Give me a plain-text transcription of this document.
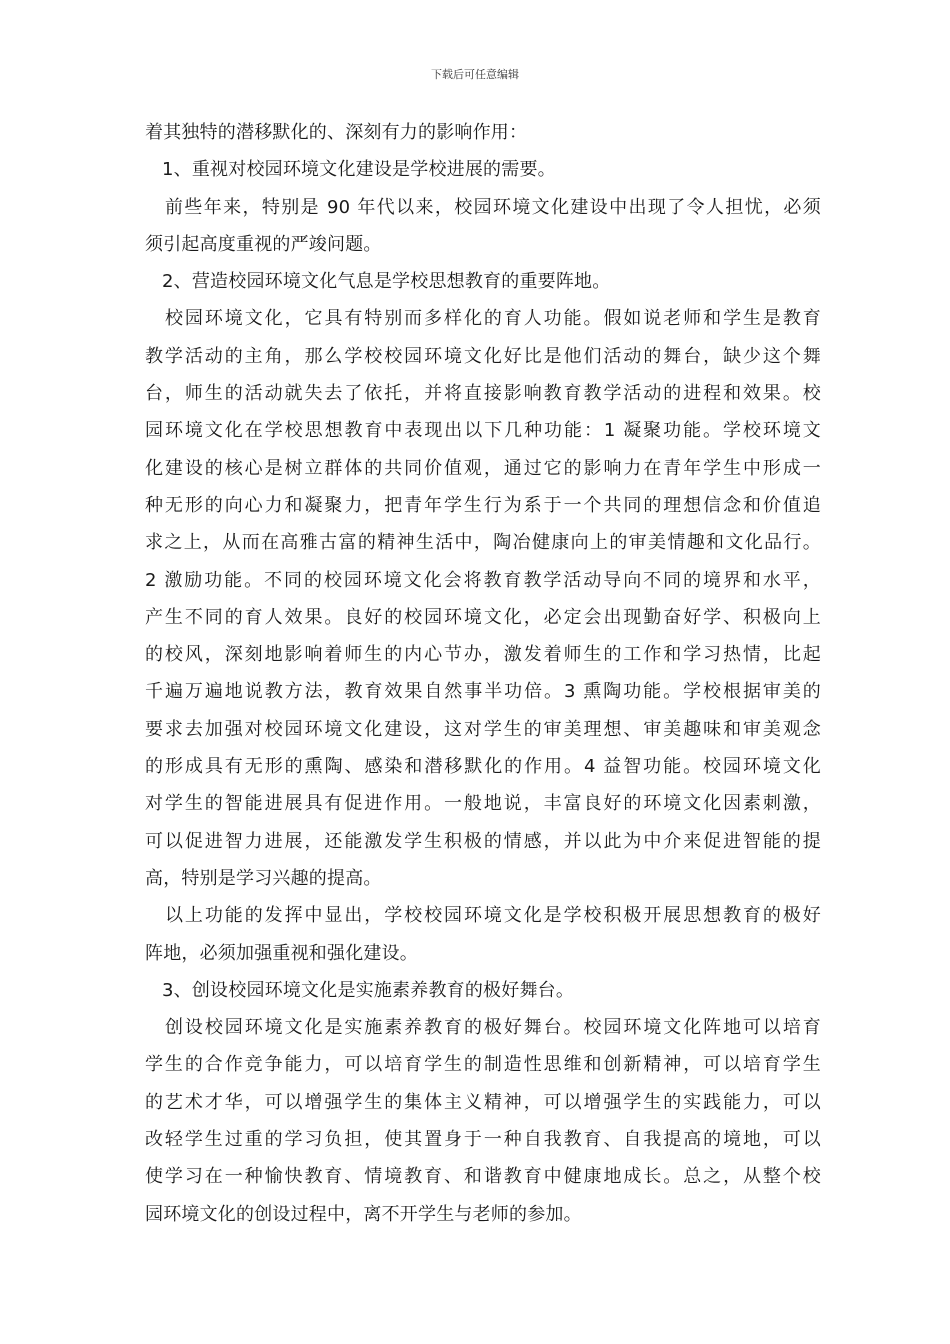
下载后可任意编辑
着其独特的潜移默化的、深刻有力的影响作用：
1、重视对校园环境文化建设是学校进展的需要。
前些年来，特别是 90 年代以来，校园环境文化建设中出现了令人担忧，必须
须引起高度重视的严竣问题。
2、营造校园环境文化气息是学校思想教育的重要阵地。
校园环境文化，它具有特别而多样化的育人功能。假如说老师和学生是教育
教学活动的主角，那么学校校园环境文化好比是他们活动的舞台，缺少这个舞
台，师生的活动就失去了依托，并将直接影响教育教学活动的进程和效果。校
园环境文化在学校思想教育中表现出以下几种功能：1 凝聚功能。学校环境文
化建设的核心是树立群体的共同价值观，通过它的影响力在青年学生中形成一
种无形的向心力和凝聚力，把青年学生行为系于一个共同的理想信念和价值追
求之上，从而在高雅古富的精神生活中，陶冶健康向上的审美情趣和文化品行。
2 激励功能。不同的校园环境文化会将教育教学活动导向不同的境界和水平，
产生不同的育人效果。良好的校园环境文化，必定会出现勤奋好学、积极向上
的校风，深刻地影响着师生的内心节办，激发着师生的工作和学习热情，比起
千遍万遍地说教方法，教育效果自然事半功倍。3 熏陶功能。学校根据审美的
要求去加强对校园环境文化建设，这对学生的审美理想、审美趣味和审美观念
的形成具有无形的熏陶、感染和潜移默化的作用。4 益智功能。校园环境文化
对学生的智能进展具有促进作用。一般地说，丰富良好的环境文化因素刺激，
可以促进智力进展，还能激发学生积极的情感，并以此为中介来促进智能的提
高，特别是学习兴趣的提高。
以上功能的发挥中显出，学校校园环境文化是学校积极开展思想教育的极好
阵地，必须加强重视和强化建设。
3、创设校园环境文化是实施素养教育的极好舞台。
创设校园环境文化是实施素养教育的极好舞台。校园环境文化阵地可以培育
学生的合作竞争能力，可以培育学生的制造性思维和创新精神，可以培育学生
的艺术才华，可以增强学生的集体主义精神，可以增强学生的实践能力，可以
改轻学生过重的学习负担，使其置身于一种自我教育、自我提高的境地，可以
使学习在一种愉快教育、情境教育、和谐教育中健康地成长。总之，从整个校
园环境文化的创设过程中，离不开学生与老师的参加。
